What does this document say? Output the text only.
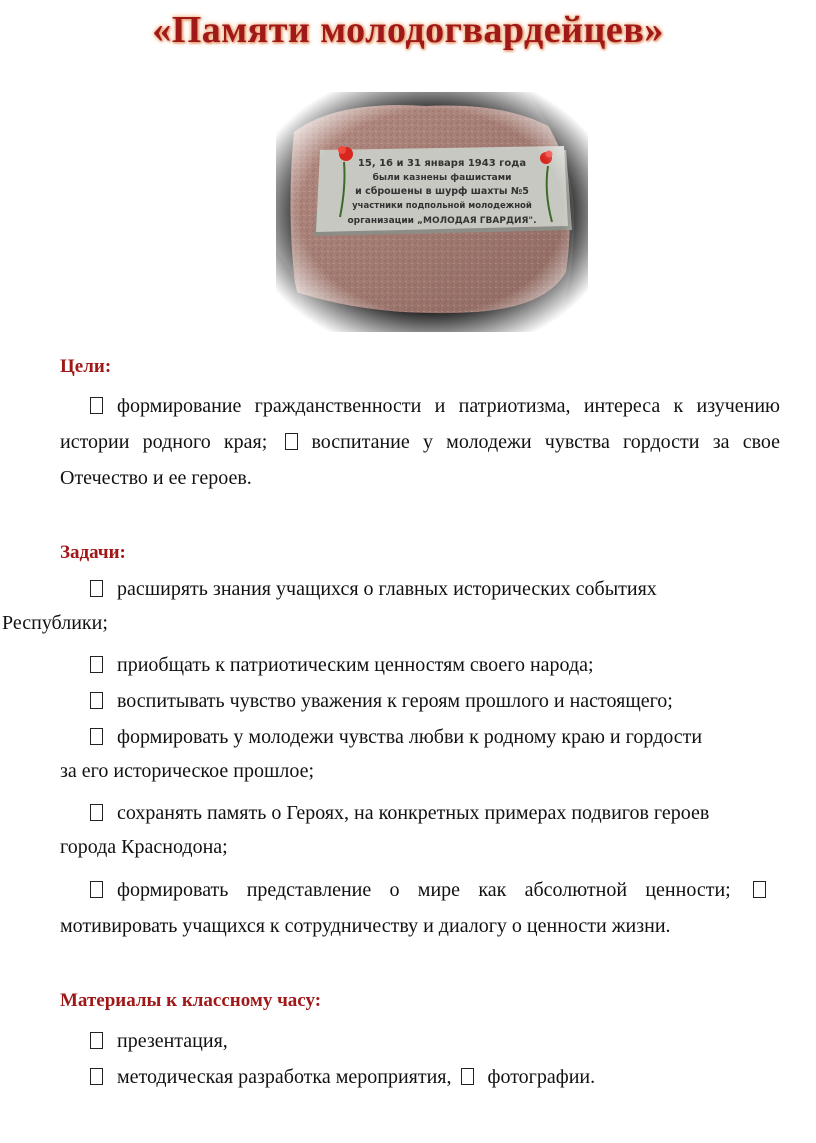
«Памяти молодогвардейцев»
Цели:

формирование гражданственности и патриотизма, интереса к изучению истории родного края; воспитание у молодежи чувства гордости за свое Отечество и ее героев.

Задачи:

расширять знания учащихся о главных исторических событиях

Республики;

приобщать к патриотическим ценностям своего народа;

воспитывать чувство уважения к героям прошлого и настоящего;

формировать у молодежи чувства любви к родному краю и гордости

за его историческое прошлое;

сохранять память о Героях, на конкретных примерах подвигов героев

города Краснодона;

формировать представление о мире как абсолютной ценности; мотивировать учащихся к сотрудничеству и диалогу о ценности жизни.

Материалы к классному часу:

презентация,

методическая разработка мероприятия, фотографии.
